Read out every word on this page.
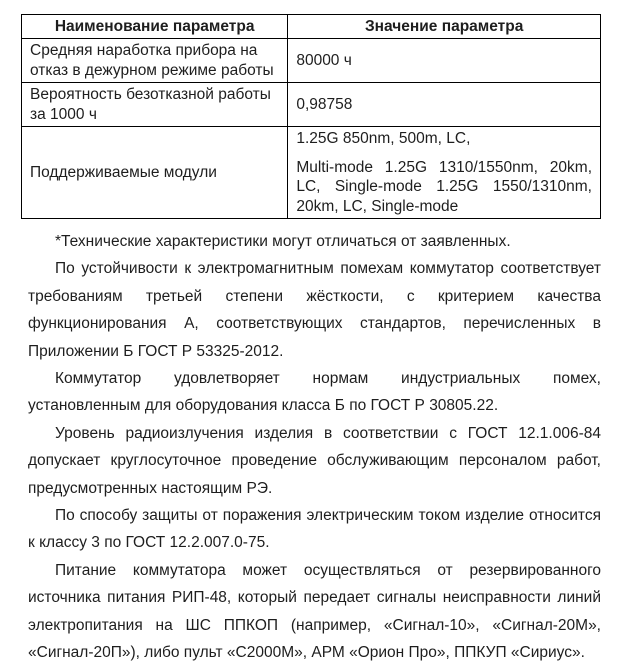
Наименование параметра	Значение параметра
Средняя наработка прибора на отказ в дежурном режиме работы	80000 ч
Вероятность безотказной работы за 1000 ч	0,98758
Поддерживаемые модули	1.25G 850nm, 500m, LC,

Multi-mode 1.25G 1310/1550nm, 20km, LC, Single-mode 1.25G 1550/1310nm, 20km, LC, Single-mode

*Технические характеристики могут отличаться от заявленных.

По устойчивости к электромагнитным помехам коммутатор соответствует требованиям третьей степени жёсткости, с критерием качества функционирования А, соответствующих стандартов, перечисленных в Приложении Б ГОСТ Р 53325-2012.

Коммутатор удовлетворяет нормам индустриальных помех, установленным для оборудования класса Б по ГОСТ Р 30805.22.

Уровень радиоизлучения изделия в соответствии с ГОСТ 12.1.006-84 допускает круглосуточное проведение обслуживающим персоналом работ, предусмотренных настоящим РЭ.

По способу защиты от поражения электрическим током изделие относится к классу 3 по ГОСТ 12.2.007.0-75.

Питание коммутатора может осуществляться от резервированного источника питания РИП-48, который передает сигналы неисправности линий электропитания на ШС ППКОП (например, «Сигнал-10», «Сигнал-20М», «Сигнал-20П»), либо пульт «С2000М», АРМ «Орион Про», ППКУП «Сириус».
